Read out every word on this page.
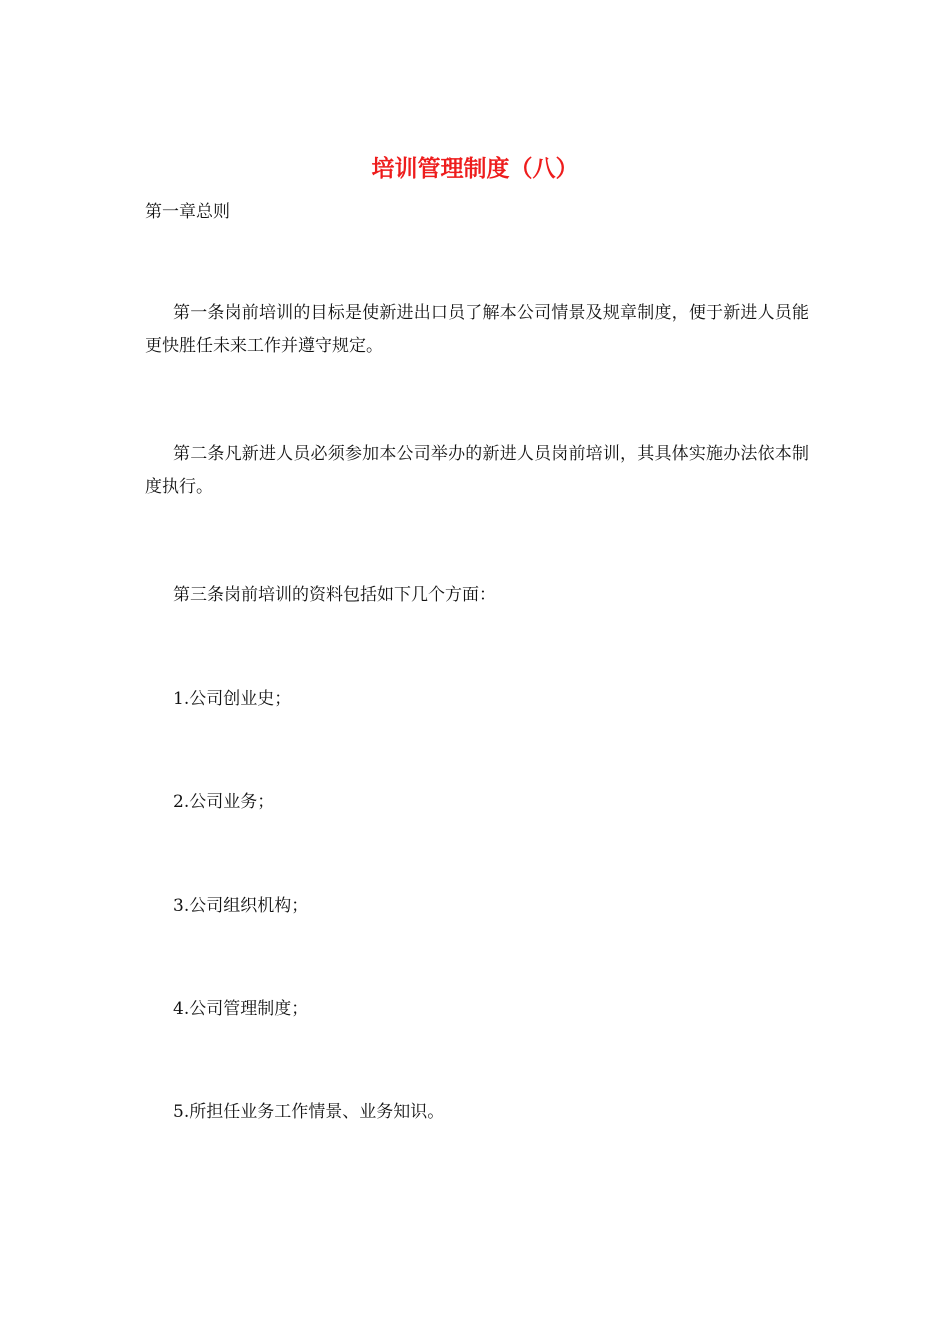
培训管理制度（八）

第一章总则

第一条岗前培训的目标是使新进出口员了解本公司情景及规章制度，便于新进人员能更快胜任未来工作并遵守规定。

第二条凡新进人员必须参加本公司举办的新进人员岗前培训，其具体实施办法依本制度执行。

第三条岗前培训的资料包括如下几个方面：

1.公司创业史；

2.公司业务；

3.公司组织机构；

4.公司管理制度；

5.所担任业务工作情景、业务知识。
